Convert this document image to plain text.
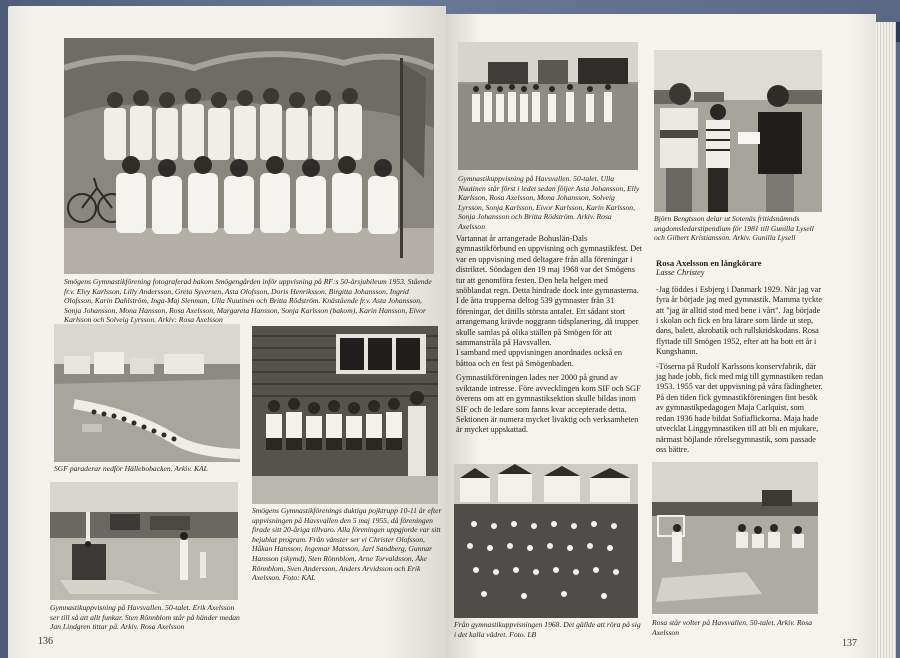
Smögens Gymnastikförening fotograferad bakom Smögengården inför uppvisning på RF:s 50-årsjubileum 1953. Stående fr.v. Elvy Karlsson, Lilly Andersson, Greta Syversen, Asta Olofsson, Doris Henriksson, Birgitta Johansson, Ingrid Olofsson, Karin Dahlström, Inga-Maj Slenman, Ulla Nuutinen och Britta Rödström. Knästående fr.v. Asta Johansson, Sonja Johansson, Mona Hansson, Rosa Axelsson, Margareta Hansson, Sonja Karlsson (bakom), Karin Hansson, Eivor Karlsson och Solveig Lyrsson. Arkiv: Rosa Axelsson
SGF paraderar nedför Hällebobacken. Arkiv. KAL
Gymnastikuppvisning på Havsvallen. 50-talet. Erik Axelsson ser till så att allt funkar. Sten Rönnblom står på händer medan Jan Lindgren tittar på. Arkiv. Rosa Axelsson
136
Smögens Gymnastikförenings duktiga pojktrupp 10-11 år efter uppvisningen på Havsvallen den 5 maj 1955, då föreningen firade sitt 20-åriga tillvaro. Alla föreningen uppgjorde var sitt bejublat program. Från vänster ser vi Christer Olofsson, Håkan Hansson, Ingemar Matsson, Jarl Sandberg, Gunnar Hansson (skymd), Sten Rönnblom, Arne Torvaldsson, Åke Rönnblom, Sven Andersson, Anders Arvidsson och Erik Axelsson. Foto: KAL
Gymnastikuppvisning på Havsvallen. 50-talet. Ulla Nuutinen står först i ledet sedan följer Asta Johansson, Elly Karlsson, Rosa Axelsson, Mona Johansson, Solveig Lyrsson, Sonja Karlsson, Eivor Karlsson, Karin Karlsson, Sonja Johansson och Britta Rödström. Arkiv. Rosa Axelsson
Björn Bengtsson delar ut Sotenäs fritidsnämnds ungdomsledarstipendium för 1981 till Gunilla Lysell och Gilbert Kristiansson. Arkiv. Gunilla Lysell

Vartannat år arrangerade Bohuslän-Dals gymnastikförbund en uppvisning och gymnastikfest. Det var en uppvisning med deltagare från alla föreningar i distriktet. Söndagen den 19 maj 1968 var det Smögens tur att genomföra festen. Den hela helgen med snöblandat regn. Detta hindrade dock inte gymnasterna. I de åtta trupperna deltog 539 gymnaster från 31 föreningar, det ditills största antalet. Ett sådant stort arrangemang krävde noggrann tidsplanering, då trupper skulle samlas på olika ställen på Smögen för att sammanstråla på Havsvallen.

I samband med uppvisningen anordnades också en båttoa och en fest på Smögenbaden.

Gymnastikföreningen lades ner 2000 på grund av sviktande intresse. Före avvecklingen kom SIF och SGF överens om att en gymnastiksektion skulle bildas inom SIF och de ledare som fanns kvar accepterade detta. Sektionen är numera mycket livaktig och verksamheten är mycket uppskattad.

Rosa Axelsson en långkörare

Lasse Christey

-Jag föddes i Esbjerg i Danmark 1929. När jag var fyra år började jag med gymnastik. Mamma tyckte att "jag är alltid stod med bene i vårt". Jag började i skolan och fick en bra lärare som lärde ut step, dans, balett, akrobatik och rullskridskodans. Rosa flyttade till Smögen 1952, efter att ha bott ett år i Kungshamn.

-Töserna på Rudolf Karlssons konservfabrik, där jag hade jobb, fick med mig till gymnastiken redan 1953. 1955 var det uppvisning på våra fädingheter. På den tiden fick gymnastikföreningen fint besök av gymnastikpedagogen Maja Carlquist, som redan 1936 hade bildat Sofiaflickorna. Maja hade utvecklat Linggymnastiken till att bli en mjukare, närmast böjlande rörelsegymnastik, som passade oss bättre.

Från gymnastikuppvisningen 1968. Det gällde att röra på sig i det kalla vädret. Foto. LB
Rosa står volter på Havsvallen. 50-talet. Arkiv. Rosa Axelsson
137
